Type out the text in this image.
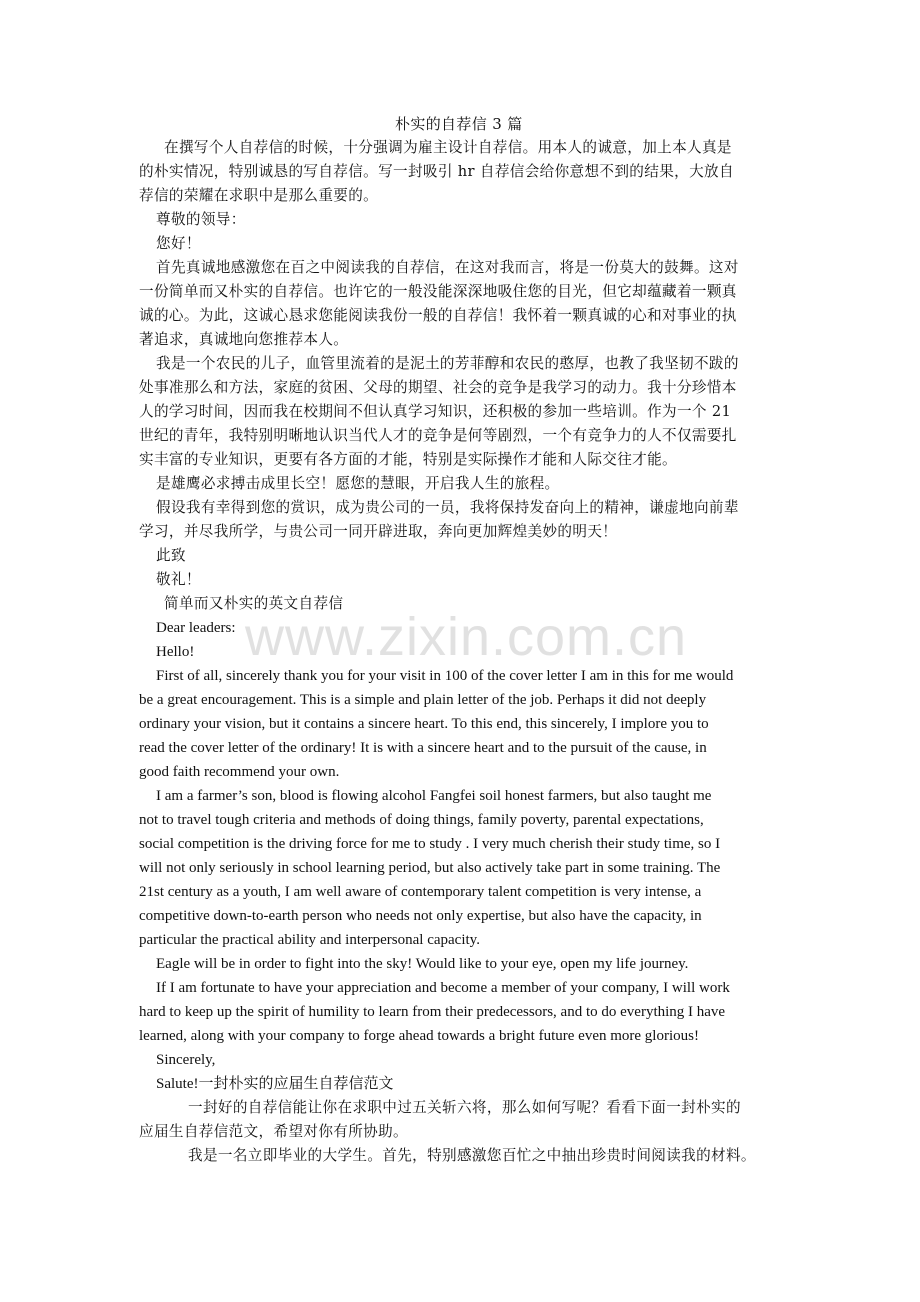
www.zixin.com.cn
朴实的自荐信 3 篇
在撰写个人自荐信的时候，十分强调为雇主设计自荐信。用本人的诚意，加上本人真是
的朴实情况，特别诚恳的写自荐信。写一封吸引 hr 自荐信会给你意想不到的结果，大放自
荐信的荣耀在求职中是那么重要的。
尊敬的领导：
您好！
首先真诚地感激您在百之中阅读我的自荐信，在这对我而言，将是一份莫大的鼓舞。这对
一份简单而又朴实的自荐信。也许它的一般没能深深地吸住您的目光，但它却蕴藏着一颗真
诚的心。为此，这诚心恳求您能阅读我份一般的自荐信！我怀着一颗真诚的心和对事业的执
著追求，真诚地向您推荐本人。
我是一个农民的儿子，血管里流着的是泥土的芳菲醇和农民的憨厚，也教了我坚韧不跋的
处事准那么和方法，家庭的贫困、父母的期望、社会的竞争是我学习的动力。我十分珍惜本
人的学习时间，因而我在校期间不但认真学习知识，还积极的参加一些培训。作为一个 21
世纪的青年，我特别明晰地认识当代人才的竞争是何等剧烈，一个有竞争力的人不仅需要扎
实丰富的专业知识，更要有各方面的才能，特别是实际操作才能和人际交往才能。
是雄鹰必求搏击成里长空！愿您的慧眼，开启我人生的旅程。
假设我有幸得到您的赏识，成为贵公司的一员，我将保持发奋向上的精神，谦虚地向前辈
学习，并尽我所学，与贵公司一同开辟进取，奔向更加辉煌美妙的明天！
此致
敬礼！
简单而又朴实的英文自荐信
Dear leaders:
Hello!
First of all, sincerely thank you for your visit in 100 of the cover letter I am in this for me would
be a great encouragement. This is a simple and plain letter of the job. Perhaps it did not deeply
ordinary your vision, but it contains a sincere heart. To this end, this sincerely, I implore you to
read the cover letter of the ordinary! It is with a sincere heart and to the pursuit of the cause, in
good faith recommend your own.
I am a farmer’s son, blood is flowing alcohol Fangfei soil honest farmers, but also taught me
not to travel tough criteria and methods of doing things, family poverty, parental expectations,
social competition is the driving force for me to study . I very much cherish their study time, so I
will not only seriously in school learning period, but also actively take part in some training. The
21st century as a youth, I am well aware of contemporary talent competition is very intense, a
competitive down-to-earth person who needs not only expertise, but also have the capacity, in
particular the practical ability and interpersonal capacity.
Eagle will be in order to fight into the sky! Would like to your eye, open my life journey.
If I am fortunate to have your appreciation and become a member of your company, I will work
hard to keep up the spirit of humility to learn from their predecessors, and to do everything I have
learned, along with your company to forge ahead towards a bright future even more glorious!
Sincerely,
Salute!一封朴实的应届生自荐信范文
一封好的自荐信能让你在求职中过五关斩六将，那么如何写呢？看看下面一封朴实的
应届生自荐信范文，希望对你有所协助。
我是一名立即毕业的大学生。首先，特别感激您百忙之中抽出珍贵时间阅读我的材料。
